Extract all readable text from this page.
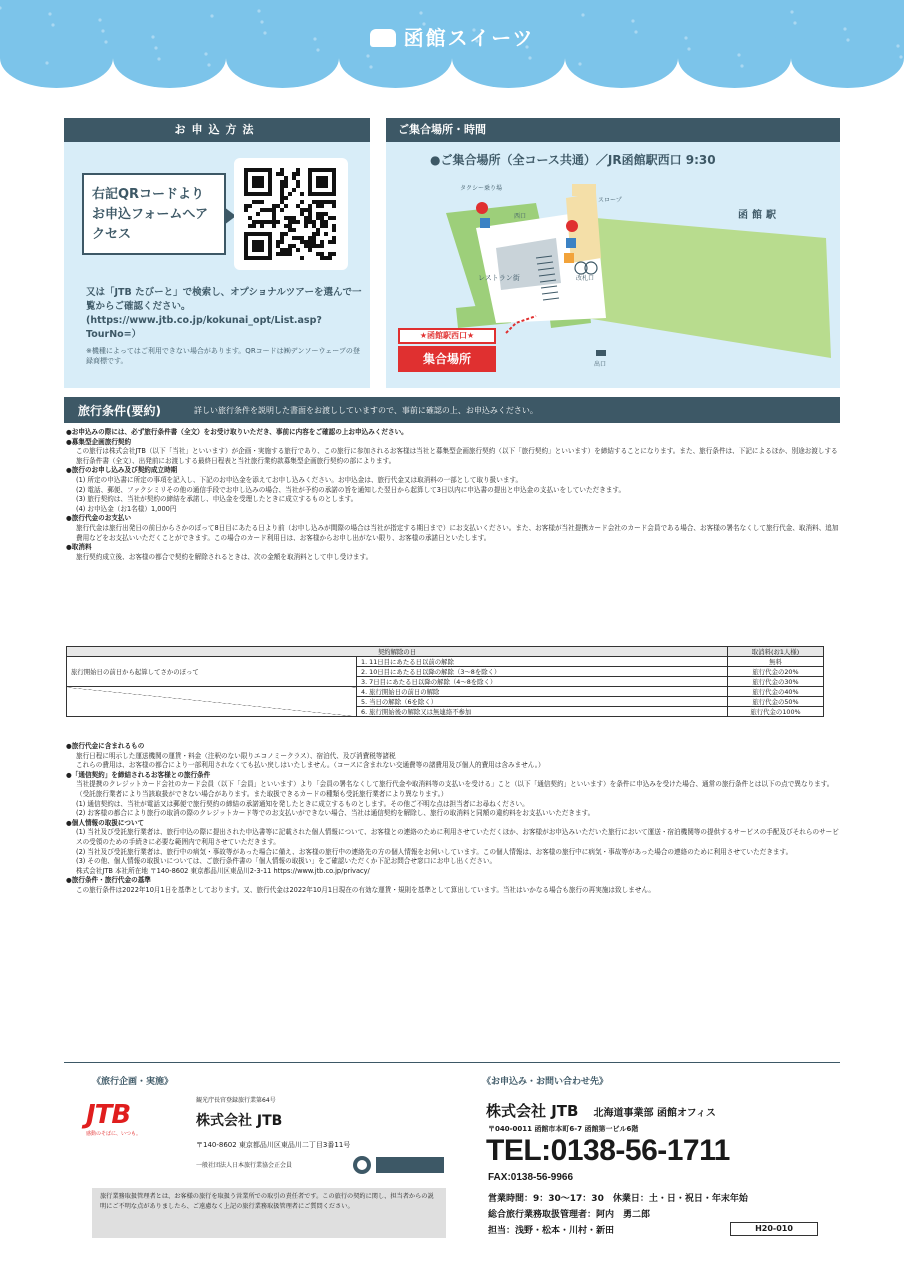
函館スイーツ
お申込方法
右記QRコードよりお申込フォームへアクセス
又は「JTB たびーと」で検索し、オプショナルツアーを選んで一覧からご確認ください。
(https://www.jtb.co.jp/kokunai_opt/List.asp?TourNo=）
※機種によってはご利用できない場合があります。QRコードは㈱デンソーウェーブの登録商標です。
ご集合場所・時間
タクシー乗り場
レストラン街
西口
スロープ
改札口
出口
●ご集合場所（全コース共通）／JR函館駅西口 9:30
函館駅
★函館駅西口★
集合場所
旅行条件(要約)	詳しい旅行条件を説明した書面をお渡ししていますので、事前に確認の上、お申込みください。

●お申込みの際には、必ず旅行条件書（全文）をお受け取りいただき、事前に内容をご確認の上お申込みください。

●募集型企画旅行契約

この旅行は株式会社JTB（以下「当社」といいます）が企画・実施する旅行であり、この旅行に参加されるお客様は当社と募集型企画旅行契約（以下「旅行契約」といいます）を締結することになります。また、旅行条件は、下記によるほか、別途お渡しする旅行条件書（全文）、出発前にお渡しする最終日程表と当社旅行業約款募集型企画旅行契約の部によります。

●旅行のお申し込み及び契約成立時期

(1) 所定の申込書に所定の事項を記入し、下記のお申込金を添えてお申し込みください。お申込金は、旅行代金又は取消料の一部として取り扱います。

(2) 電話、郵便、ファクシミリその他の通信手段でお申し込みの場合、当社が予約の承諾の旨を通知した翌日から起算して3日以内に申込書の提出と申込金の支払いをしていただきます。

(3) 旅行契約は、当社が契約の締結を承諾し、申込金を受理したときに成立するものとします。

(4) お申込金（お1名様）1,000円

●旅行代金のお支払い

旅行代金は旅行出発日の前日からさかのぼって8日目にあたる日より前（お申し込みが間際の場合は当社が指定する期日まで）にお支払いください。また、お客様が当社提携カード会社のカード会員である場合、お客様の署名なくして旅行代金、取消料、追加費用などをお支払いいただくことができます。この場合のカード利用日は、お客様からお申し出がない限り、お客様の承諾日といたします。

●取消料

旅行契約成立後、お客様の都合で契約を解除されるときは、次の金額を取消料として申し受けます。

契約解除の日		取消料(お1人様)
旅行開始日の前日から起算してさかのぼって	1. 11日目にあたる日以前の解除	無料
	2. 10日目にあたる日以降の解除（3〜8を除く）	旅行代金の20%
	3. 7日目にあたる日以降の解除（4〜8を除く）	旅行代金の30%
	4. 旅行開始日の前日の解除	旅行代金の40%
	5. 当日の解除（6を除く）	旅行代金の50%
	6. 旅行開始後の解除又は無連絡不参加	旅行代金の100%

●旅行代金に含まれるもの

旅行日程に明示した運送機関の運賃・料金（注釈のない限りエコノミークラス）、宿泊代、及び消費税等諸税

これらの費用は、お客様の都合により一部利用されなくても払い戻しはいたしません。（コースに含まれない交通費等の諸費用及び個人的費用は含みません。）

●「通信契約」を締結されるお客様との旅行条件

当社提携のクレジットカード会社のカード会員（以下「会員」といいます）より「会員の署名なくして旅行代金や取消料等の支払いを受ける」こと（以下「通信契約」といいます）を条件に申込みを受けた場合、通常の旅行条件とは以下の点で異なります。（受託旅行業者により当該取扱ができない場合があります。また取扱できるカードの種類も受託旅行業者により異なります。）

(1) 通信契約は、当社が電話又は郵便で旅行契約の締結の承諾通知を発したときに成立するものとします。その他ご不明な点は担当者にお尋ねください。

(2) お客様の都合により旅行の取消の際のクレジットカード等でのお支払いができない場合、当社は通信契約を解除し、旅行の取消料と同額の違約料をお支払いいただきます。

●個人情報の取扱について

(1) 当社及び受託旅行業者は、旅行申込の際に提出された申込書等に記載された個人情報について、お客様との連絡のために利用させていただくほか、お客様がお申込みいただいた旅行において運送・宿泊機関等の提供するサービスの手配及びそれらのサービスの受領のための手続きに必要な範囲内で利用させていただきます。

(2) 当社及び受託旅行業者は、旅行中の病気・事故等があった場合に備え、お客様の旅行中の連絡先の方の個人情報をお伺いしています。この個人情報は、お客様の旅行中に病気・事故等があった場合の連絡のために利用させていただきます。

(3) その他、個人情報の取扱いについては、ご旅行条件書の「個人情報の取扱い」をご確認いただくか下記お問合せ窓口にお申し出ください。

株式会社JTB 本社所在地 〒140-8602 東京都品川区東品川2-3-11 https://www.jtb.co.jp/privacy/

●旅行条件・旅行代金の基準

この旅行条件は2022年10月1日を基準としております。又、旅行代金は2022年10月1日現在の有効な運賃・規則を基準として算出しています。当社はいかなる場合も旅行の再実施は致しません。

《旅行企画・実施》
JTB
感動のそばに、いつも。
観光庁長官登録旅行業第64号
株式会社 JTB
〒140-8602 東京都品川区東品川二丁目3番11号
一般社団法人日本旅行業協会正会員
旅行業務取扱管理者とは、お客様の旅行を取扱う営業所での取引の責任者です。この旅行の契約に関し、担当者からの説明にご不明な点がありましたら、ご遠慮なく上記の旅行業務取扱管理者にご質問ください。
《お申込み・お問い合わせ先》
株式会社 JTB　 北海道事業部 函館オフィス
〒040-0011 函館市本町6-7 函館第一ビル6階
TEL:0138-56-1711
FAX:0138-56-9966
営業時間：9：30〜17：30　休業日：土・日・祝日・年末年始
総合旅行業務取扱管理者：阿内　勇二郎
担当：浅野・松本・川村・新田	H20-010
